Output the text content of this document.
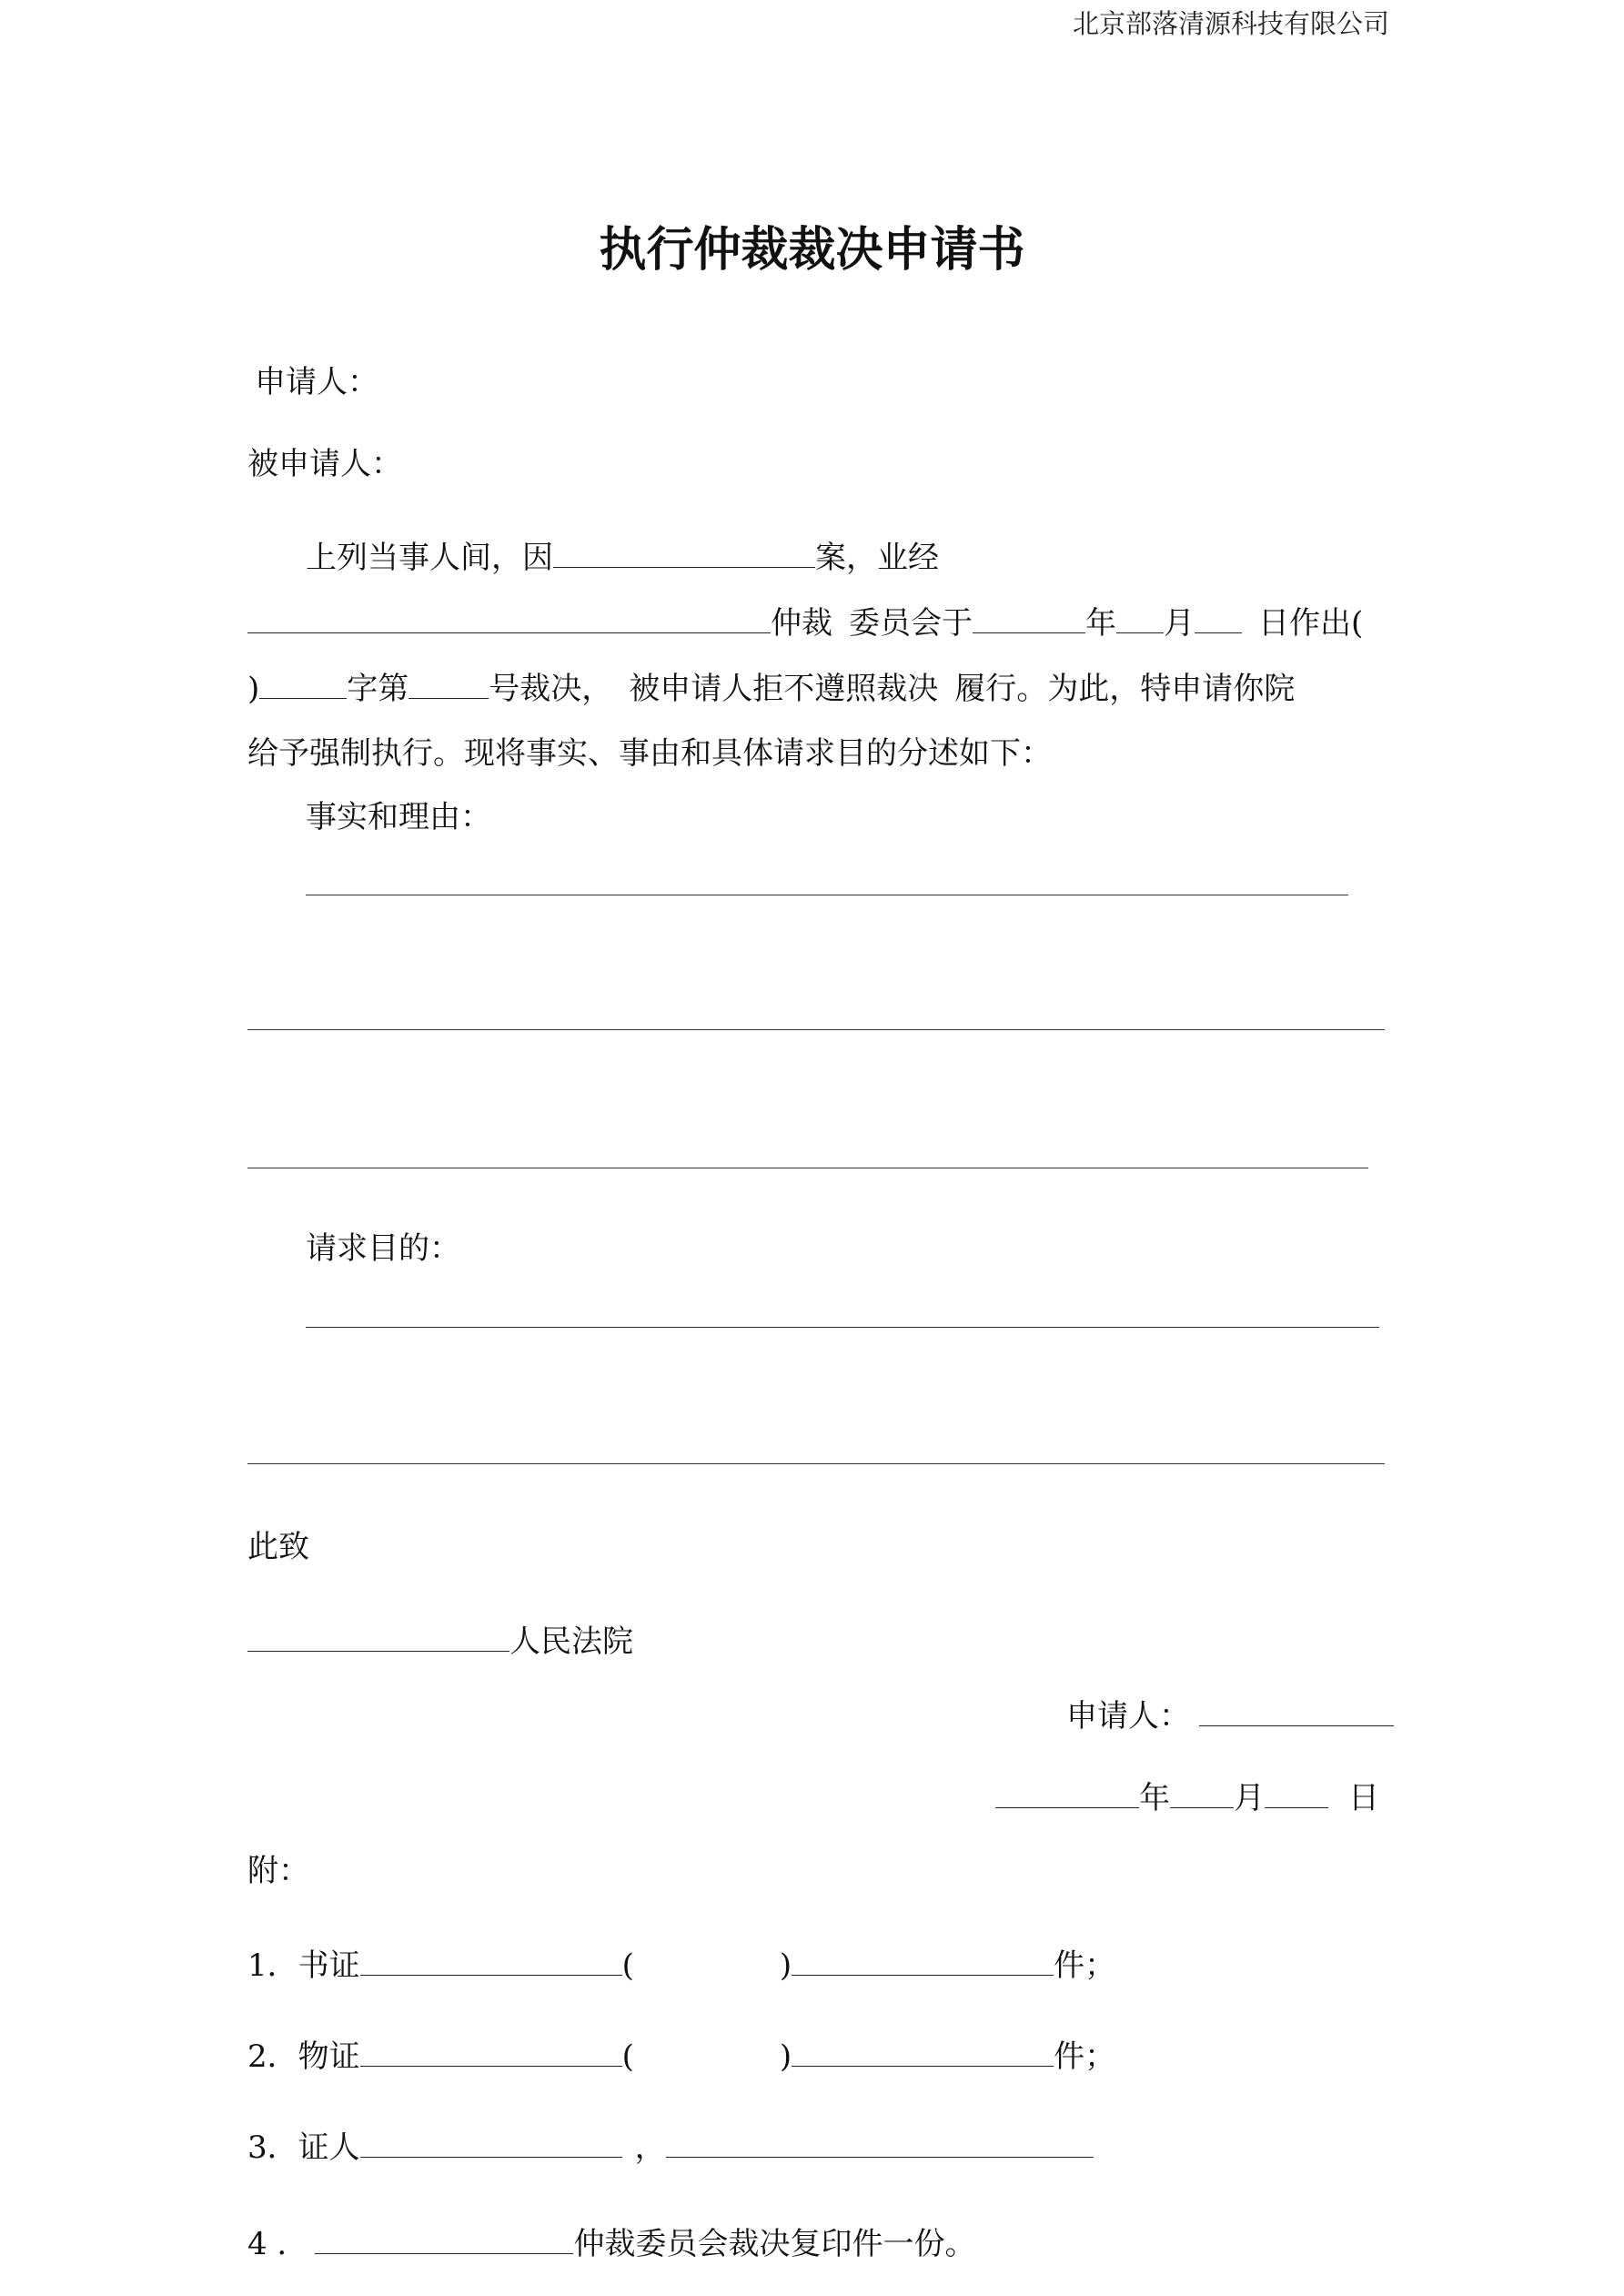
北京部落清源科技有限公司
执行仲裁裁决申请书
申请人：
被申请人：
上列当事人间，因	案，业经
仲裁 委员会于	年 月 日作出(
)	字第	号裁决， 被申请人拒不遵照裁决 履行。为此，特申请你院
给予强制执行。现将事实、事由和具体请求目的分述如下：
事实和理由：
请求目的：
此致
人民法院
申请人：
年 月	日
附：
1．书证	(	)	件；
2．物证	(	)	件；
3．证人	，
4 ．	仲裁委员会裁决复印件一份。
